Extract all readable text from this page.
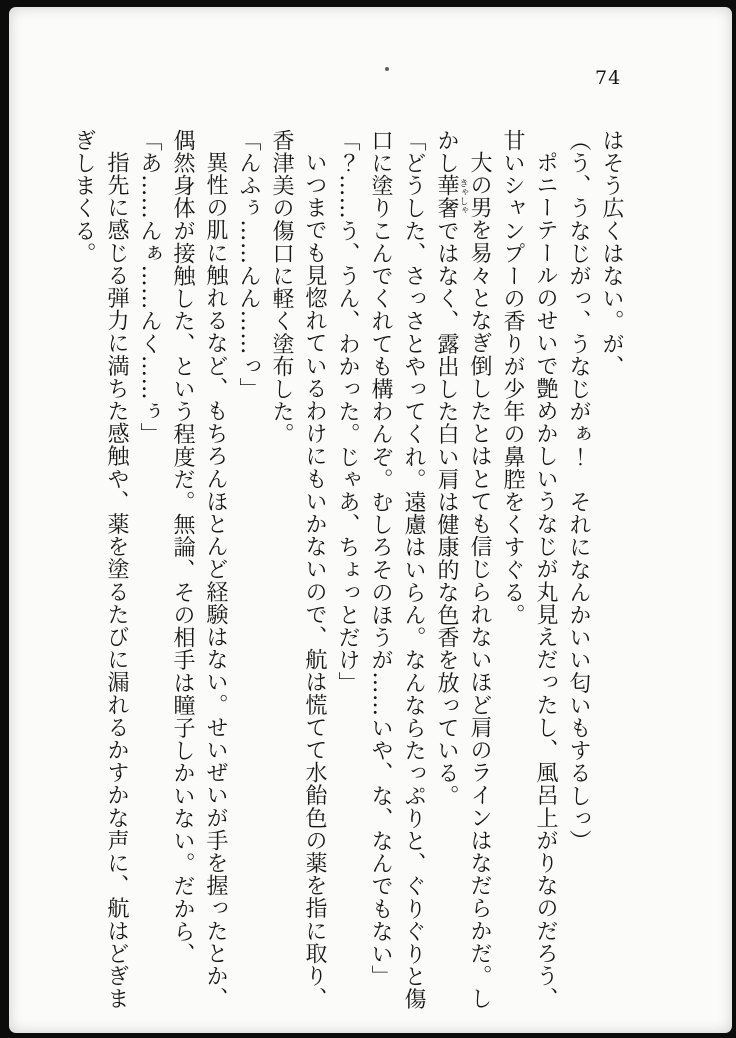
74

はそう広くはない。が、

（う、うなじがっ、うなじがぁ！　それになんかいい匂いもするしっ）

ポニーテールのせいで艶めかしいうなじが丸見えだったし、風呂上がりなのだろう、甘いシャンプーの香りが少年の鼻腔をくすぐる。

大の男を易々となぎ倒したとはとても信じられないほど肩のラインはなだらかだ。しかし華奢きゃしゃではなく、露出した白い肩は健康的な色香を放っている。

「どうした、さっさとやってくれ。遠慮はいらん。なんならたっぷりと、ぐりぐりと傷口に塗りこんでくれても構わんぞ。むしろそのほうが……いや、な、なんでもない」

「？……う、うん、わかった。じゃあ、ちょっとだけ」

いつまでも見惚れているわけにもいかないので、航は慌てて水飴色の薬を指に取り、香津美の傷口に軽く塗布した。

「んふぅ……んん……っ」

異性の肌に触れるなど、もちろんほとんど経験はない。せいぜいが手を握ったとか、偶然身体が接触した、という程度だ。無論、その相手は瞳子しかいない。だから、

「あ……んぁ……んく……ぅ」

指先に感じる弾力に満ちた感触や、薬を塗るたびに漏れるかすかな声に、航はどぎまぎしまくる。
